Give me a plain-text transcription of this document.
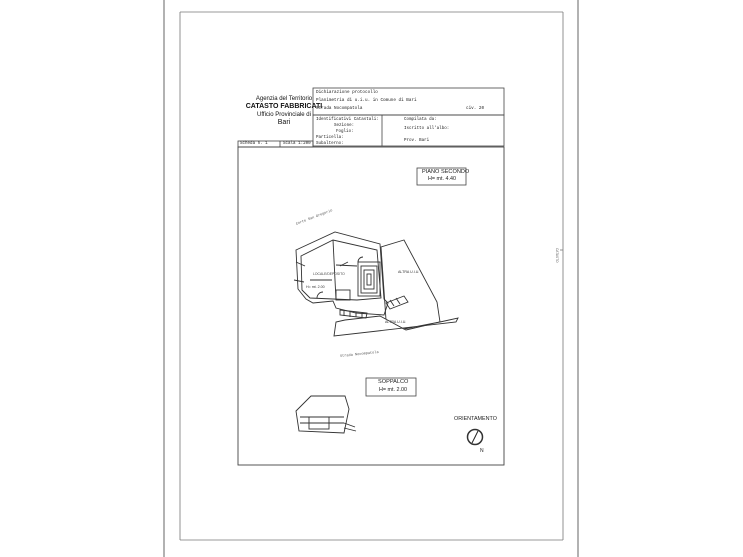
Agenzia del Territorio
CATASTO FABBRICATI
Ufficio Provinciale di
Bari
Dichiarazione protocollo
Planimetria di u.i.u. in Comune di Bari
Strada Nocompatola	civ. 20
Identificativi Catastali:
Sezione:
Foglio:
Particella:
Subalterno:
Compilata da:
Iscritto all'albo:
Prov. Bari
Scheda n. 1	Scala 1:200
PIANO SECONDO
H= mt. 4.40
Corte San Gregorio
LOCALE/DEPOSITO
H= mt. 2.00
ALTRA U.I.U.
ALTRA U.I.U.
Strada Nocompatola
SOPPALCO
H= mt. 2.00
ORIENTAMENTO
N
CATASTO
